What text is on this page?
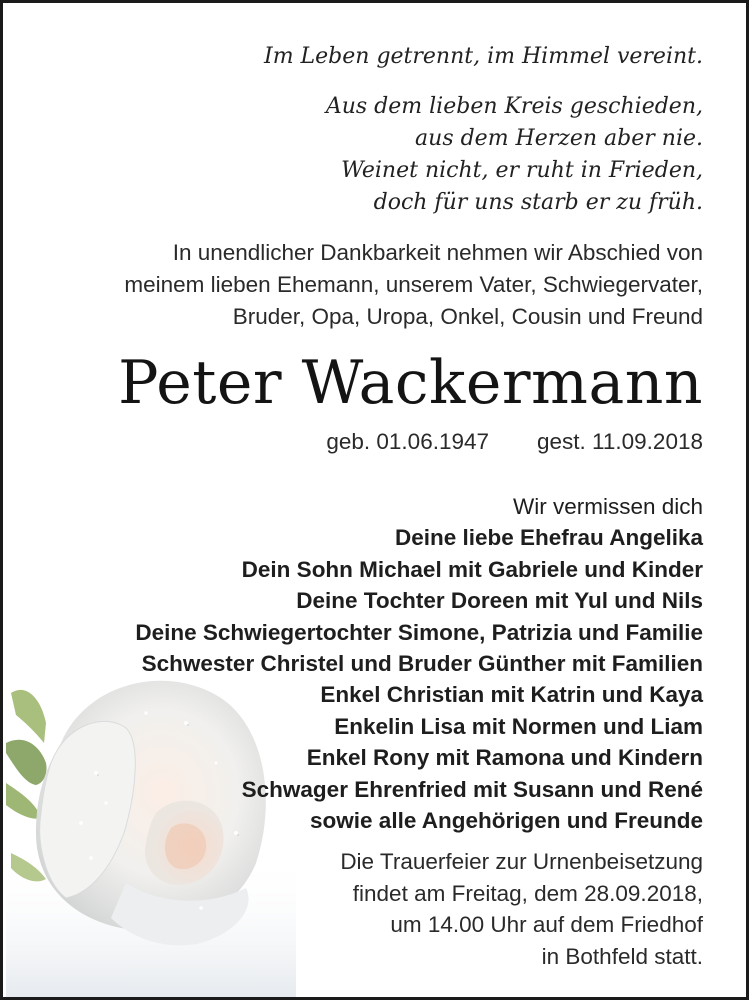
Im Leben getrennt, im Himmel vereint.
Aus dem lieben Kreis geschieden,
aus dem Herzen aber nie.
Weinet nicht, er ruht in Frieden,
doch für uns starb er zu früh.
In unendlicher Dankbarkeit nehmen wir Abschied von
meinem lieben Ehemann, unserem Vater, Schwiegervater,
Bruder, Opa, Uropa, Onkel, Cousin und Freund
Peter Wackermann
geb. 01.06.1947 gest. 11.09.2018
Wir vermissen dich
Deine liebe Ehefrau Angelika
Dein Sohn Michael mit Gabriele und Kinder
Deine Tochter Doreen mit Yul und Nils
Deine Schwiegertochter Simone, Patrizia und Familie
Schwester Christel und Bruder Günther mit Familien
Enkel Christian mit Katrin und Kaya
Enkelin Lisa mit Normen und Liam
Enkel Rony mit Ramona und Kindern
Schwager Ehrenfried mit Susann und René
sowie alle Angehörigen und Freunde
Die Trauerfeier zur Urnenbeisetzung
findet am Freitag, dem 28.09.2018,
um 14.00 Uhr auf dem Friedhof
in Bothfeld statt.
